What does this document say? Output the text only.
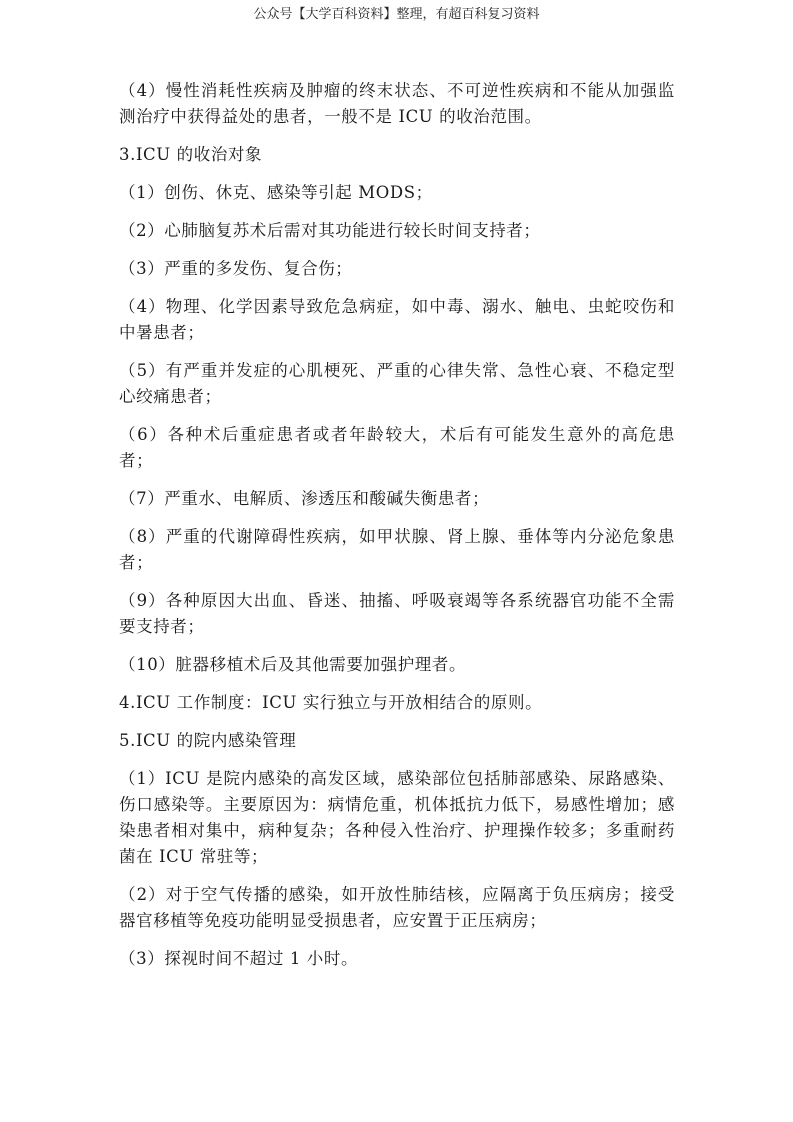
公众号【大学百科资料】整理，有超百科复习资料

（4）慢性消耗性疾病及肿瘤的终末状态、不可逆性疾病和不能从加强监测治疗中获得益处的患者，一般不是 ICU 的收治范围。

3.ICU 的收治对象

（1）创伤、休克、感染等引起 MODS；

（2）心肺脑复苏术后需对其功能进行较长时间支持者；

（3）严重的多发伤、复合伤；

（4）物理、化学因素导致危急病症，如中毒、溺水、触电、虫蛇咬伤和中暑患者；

（5）有严重并发症的心肌梗死、严重的心律失常、急性心衰、不稳定型心绞痛患者；

（6）各种术后重症患者或者年龄较大，术后有可能发生意外的高危患者；

（7）严重水、电解质、渗透压和酸碱失衡患者；

（8）严重的代谢障碍性疾病，如甲状腺、肾上腺、垂体等内分泌危象患者；

（9）各种原因大出血、昏迷、抽搐、呼吸衰竭等各系统器官功能不全需要支持者；

（10）脏器移植术后及其他需要加强护理者。

4.ICU 工作制度：ICU 实行独立与开放相结合的原则。

5.ICU 的院内感染管理

（1）ICU 是院内感染的高发区域，感染部位包括肺部感染、尿路感染、伤口感染等。主要原因为：病情危重，机体抵抗力低下，易感性增加；感染患者相对集中，病种复杂；各种侵入性治疗、护理操作较多；多重耐药菌在 ICU 常驻等；

（2）对于空气传播的感染，如开放性肺结核，应隔离于负压病房；接受器官移植等免疫功能明显受损患者，应安置于正压病房；

（3）探视时间不超过 1 小时。
